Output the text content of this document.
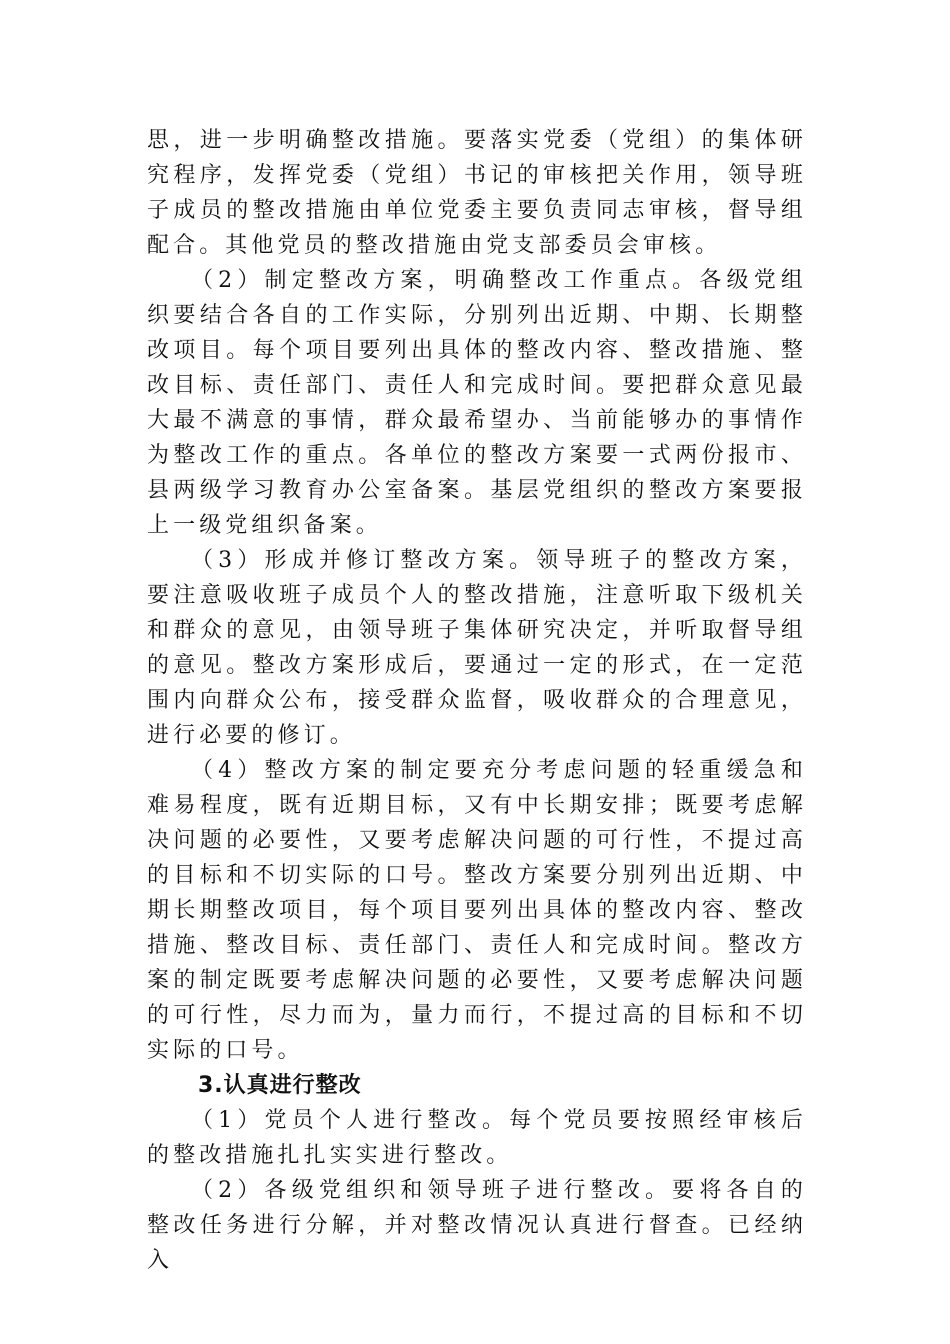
思，进一步明确整改措施。要落实党委（党组）的集体研究程序，发挥党委（党组）书记的审核把关作用，领导班子成员的整改措施由单位党委主要负责同志审核，督导组配合。其他党员的整改措施由党支部委员会审核。

（2）制定整改方案，明确整改工作重点。各级党组织要结合各自的工作实际，分别列出近期、中期、长期整改项目。每个项目要列出具体的整改内容、整改措施、整改目标、责任部门、责任人和完成时间。要把群众意见最大最不满意的事情，群众最希望办、当前能够办的事情作为整改工作的重点。各单位的整改方案要一式两份报市、县两级学习教育办公室备案。基层党组织的整改方案要报上一级党组织备案。

（3）形成并修订整改方案。领导班子的整改方案，要注意吸收班子成员个人的整改措施，注意听取下级机关和群众的意见，由领导班子集体研究决定，并听取督导组的意见。整改方案形成后，要通过一定的形式，在一定范围内向群众公布，接受群众监督，吸收群众的合理意见，进行必要的修订。

（4）整改方案的制定要充分考虑问题的轻重缓急和难易程度，既有近期目标，又有中长期安排；既要考虑解决问题的必要性，又要考虑解决问题的可行性，不提过高的目标和不切实际的口号。整改方案要分别列出近期、中期长期整改项目，每个项目要列出具体的整改内容、整改措施、整改目标、责任部门、责任人和完成时间。整改方案的制定既要考虑解决问题的必要性，又要考虑解决问题的可行性，尽力而为，量力而行，不提过高的目标和不切实际的口号。

3.认真进行整改

（1）党员个人进行整改。每个党员要按照经审核后的整改措施扎扎实实进行整改。

（2）各级党组织和领导班子进行整改。要将各自的整改任务进行分解，并对整改情况认真进行督查。已经纳入
